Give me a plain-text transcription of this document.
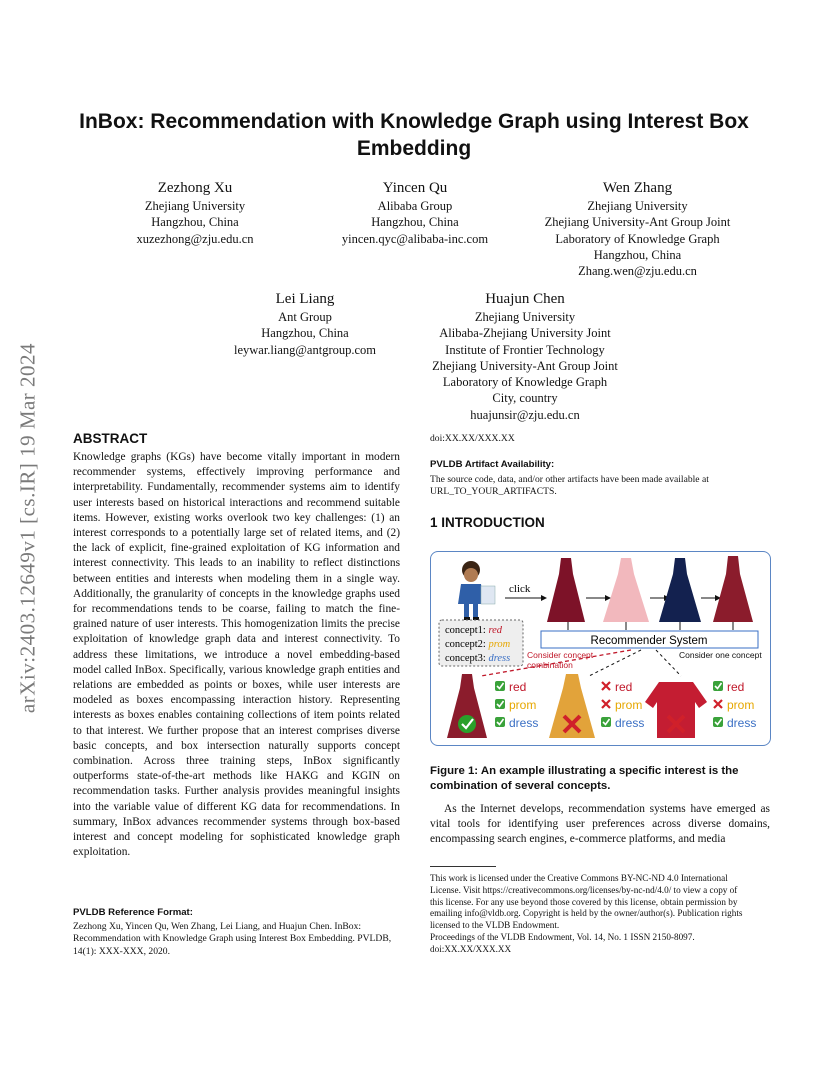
InBox: Recommendation with Knowledge Graph using Interest Box Embedding
arXiv:2403.12649v1 [cs.IR] 19 Mar 2024
Zezhong Xu
Zhejiang University
Hangzhou, China
xuzezhong@zju.edu.cn
Yincen Qu
Alibaba Group
Hangzhou, China
yincen.qyc@alibaba-inc.com
Wen Zhang
Zhejiang University
Zhejiang University-Ant Group Joint
Laboratory of Knowledge Graph
Hangzhou, China
Zhang.wen@zju.edu.cn
Lei Liang
Ant Group
Hangzhou, China
leywar.liang@antgroup.com
Huajun Chen
Zhejiang University
Alibaba-Zhejiang University Joint
Institute of Frontier Technology
Zhejiang University-Ant Group Joint
Laboratory of Knowledge Graph
City, country
huajunsir@zju.edu.cn
ABSTRACT
Knowledge graphs (KGs) have become vitally important in modern recommender systems, effectively improving performance and interpretability. Fundamentally, recommender systems aim to identify user interests based on historical interactions and recommend suitable items. However, existing works overlook two key challenges: (1) an interest corresponds to a potentially large set of related items, and (2) the lack of explicit, fine-grained exploitation of KG information and interest connectivity. This leads to an inability to reflect distinctions between entities and interests when modeling them in a single way. Additionally, the granularity of concepts in the knowledge graphs used for recommendations tends to be coarse, failing to match the fine-grained nature of user interests. This homogenization limits the precise exploitation of knowledge graph data and interest connectivity. To address these limitations, we introduce a novel embedding-based model called InBox. Specifically, various knowledge graph entities and relations are embedded as points or boxes, while user interests are modeled as boxes encompassing interaction history. Representing interests as boxes enables containing collections of item points related to that interest. We further propose that an interest comprises diverse basic concepts, and box intersection naturally supports concept combination. Across three training steps, InBox significantly outperforms state-of-the-art methods like HAKG and KGIN on recommendation tasks. Further analysis provides meaningful insights into the variable value of different KG data for recommendations. In summary, InBox advances recommender systems through box-based interest and concept modeling for sophisticated knowledge graph exploitation.
PVLDB Reference Format:
Zezhong Xu, Yincen Qu, Wen Zhang, Lei Liang, and Huajun Chen. InBox: Recommendation with Knowledge Graph using Interest Box Embedding. PVLDB, 14(1): XXX-XXX, 2020.
doi:XX.XX/XXX.XX
PVLDB Artifact Availability:
The source code, data, and/or other artifacts have been made available at URL_TO_YOUR_ARTIFACTS.
1 INTRODUCTION
click
concept1: red
concept2: prom
concept3: dress
Recommender System
Consider concept combination
Consider one concept
red
prom
dress
red
prom
dress
red
prom
dress
Figure 1: An example illustrating a specific interest is the combination of several concepts.
As the Internet develops, recommendation systems have emerged as vital tools for identifying user preferences across diverse domains, encompassing search engines, e-commerce platforms, and media
This work is licensed under the Creative Commons BY-NC-ND 4.0 International
License. Visit https://creativecommons.org/licenses/by-nc-nd/4.0/ to view a copy of
this license. For any use beyond those covered by this license, obtain permission by
emailing info@vldb.org. Copyright is held by the owner/author(s). Publication rights
licensed to the VLDB Endowment.
Proceedings of the VLDB Endowment, Vol. 14, No. 1 ISSN 2150-8097.
doi:XX.XX/XXX.XX
